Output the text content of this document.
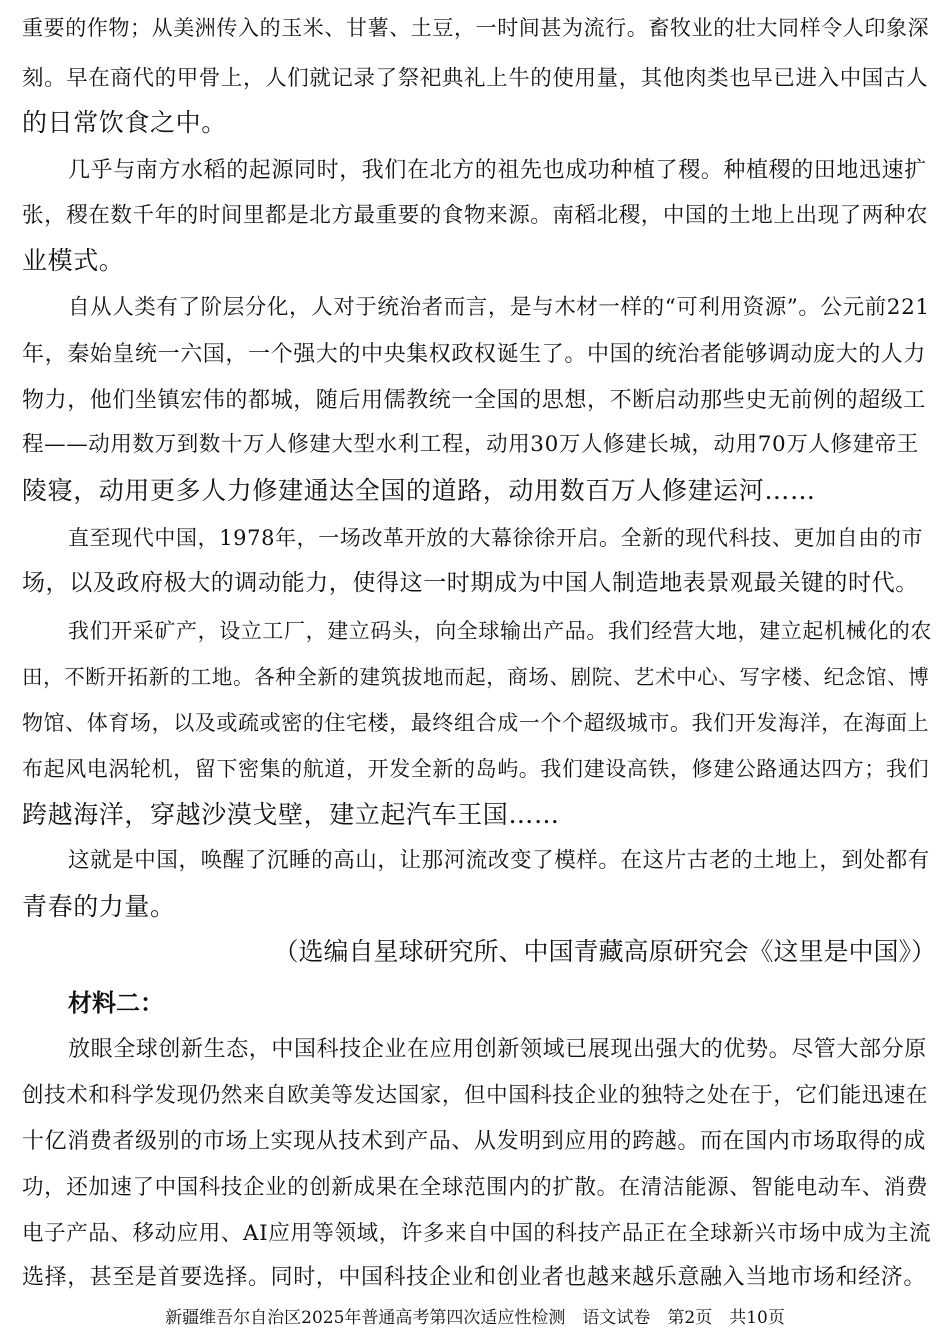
重要的作物；从美洲传入的玉米、甘薯、土豆，一时间甚为流行。畜牧业的壮大同样令人印象深
刻。早在商代的甲骨上，人们就记录了祭祀典礼上牛的使用量，其他肉类也早已进入中国古人
的日常饮食之中。
几乎与南方水稻的起源同时，我们在北方的祖先也成功种植了稷。种植稷的田地迅速扩
张，稷在数千年的时间里都是北方最重要的食物来源。南稻北稷，中国的土地上出现了两种农
业模式。
自从人类有了阶层分化，人对于统治者而言，是与木材一样的“可利用资源”。公元前221
年，秦始皇统一六国，一个强大的中央集权政权诞生了。中国的统治者能够调动庞大的人力
物力，他们坐镇宏伟的都城，随后用儒教统一全国的思想，不断启动那些史无前例的超级工
程——动用数万到数十万人修建大型水利工程，动用30万人修建长城，动用70万人修建帝王
陵寝，动用更多人力修建通达全国的道路，动用数百万人修建运河……
直至现代中国，1978年，一场改革开放的大幕徐徐开启。全新的现代科技、更加自由的市
场，以及政府极大的调动能力，使得这一时期成为中国人制造地表景观最关键的时代。
我们开采矿产，设立工厂，建立码头，向全球输出产品。我们经营大地，建立起机械化的农
田，不断开拓新的工地。各种全新的建筑拔地而起，商场、剧院、艺术中心、写字楼、纪念馆、博
物馆、体育场，以及或疏或密的住宅楼，最终组合成一个个超级城市。我们开发海洋，在海面上
布起风电涡轮机，留下密集的航道，开发全新的岛屿。我们建设高铁，修建公路通达四方；我们
跨越海洋，穿越沙漠戈壁，建立起汽车王国……
这就是中国，唤醒了沉睡的高山，让那河流改变了模样。在这片古老的土地上，到处都有
青春的力量。
（选编自星球研究所、中国青藏高原研究会《这里是中国》）
材料二：
放眼全球创新生态，中国科技企业在应用创新领域已展现出强大的优势。尽管大部分原
创技术和科学发现仍然来自欧美等发达国家，但中国科技企业的独特之处在于，它们能迅速在
十亿消费者级别的市场上实现从技术到产品、从发明到应用的跨越。而在国内市场取得的成
功，还加速了中国科技企业的创新成果在全球范围内的扩散。在清洁能源、智能电动车、消费
电子产品、移动应用、AI应用等领域，许多来自中国的科技产品正在全球新兴市场中成为主流
选择，甚至是首要选择。同时，中国科技企业和创业者也越来越乐意融入当地市场和经济。
新疆维吾尔自治区2025年普通高考第四次适应性检测　语文试卷　第2页　共10页
